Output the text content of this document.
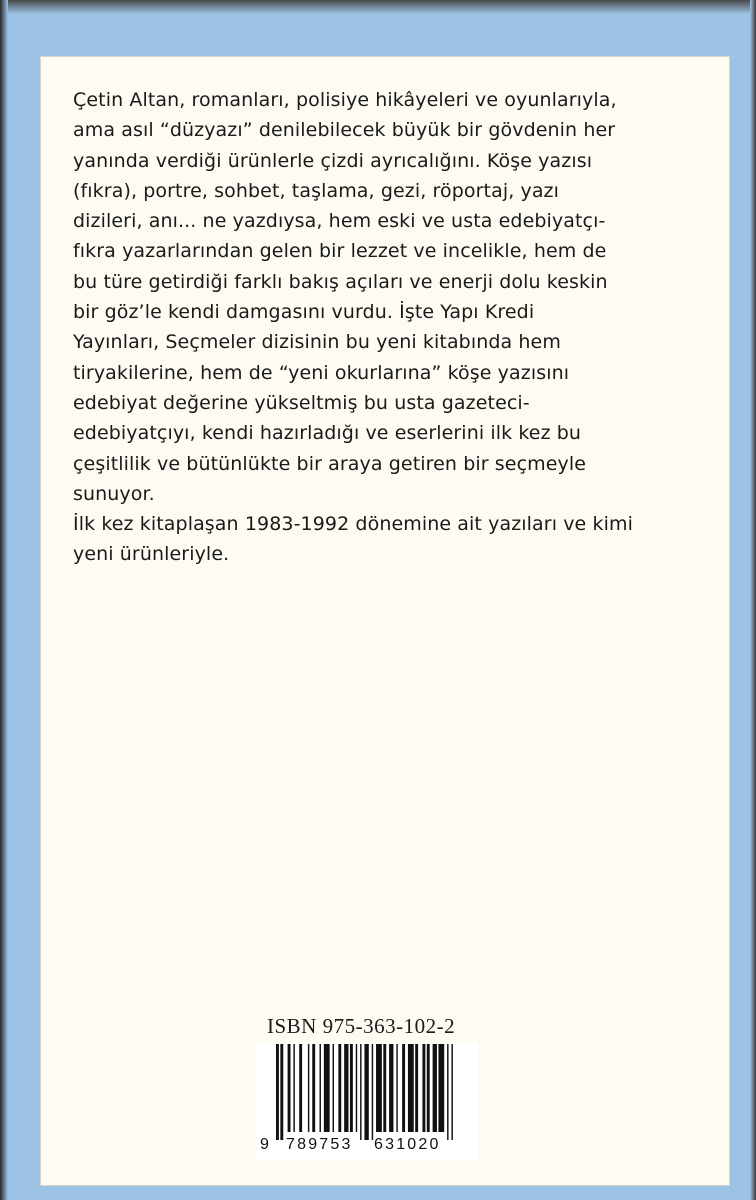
Çetin Altan, romanları, polisiye hikâyeleri ve oyunlarıyla,
ama asıl “düzyazı” denilebilecek büyük bir gövdenin her
yanında verdiği ürünlerle çizdi ayrıcalığını. Köşe yazısı
(fıkra), portre, sohbet, taşlama, gezi, röportaj, yazı
dizileri, anı... ne yazdıysa, hem eski ve usta edebiyatçı-
fıkra yazarlarından gelen bir lezzet ve incelikle, hem de
bu türe getirdiği farklı bakış açıları ve enerji dolu keskin
bir göz’le kendi damgasını vurdu. İşte Yapı Kredi
Yayınları, Seçmeler dizisinin bu yeni kitabında hem
tiryakilerine, hem de “yeni okurlarına” köşe yazısını
edebiyat değerine yükseltmiş bu usta gazeteci-
edebiyatçıyı, kendi hazırladığı ve eserlerini ilk kez bu
çeşitlilik ve bütünlükte bir araya getiren bir seçmeyle
sunuyor.

İlk kez kitaplaşan 1983-1992 dönemine ait yazıları ve kimi
yeni ürünleriyle.

ISBN 975-363-102-2
9 789753 631020
